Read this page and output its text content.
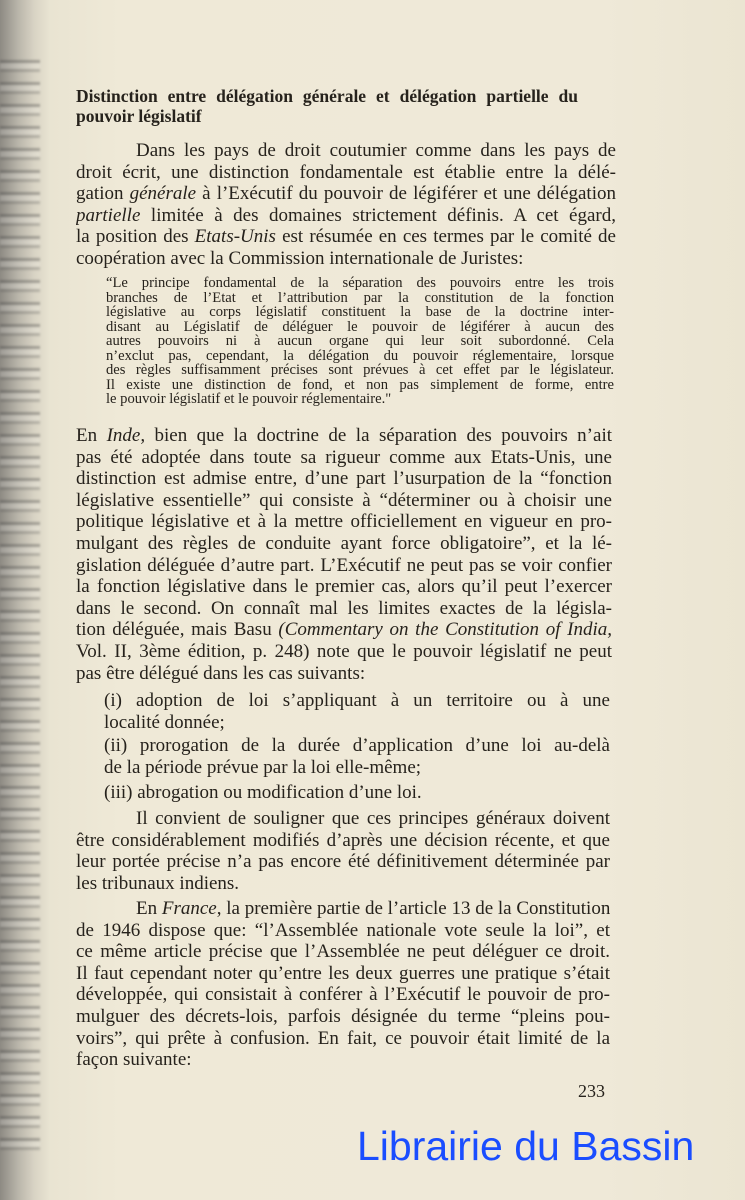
Distinction entre délégation générale et délégation partielle du
pouvoir législatif
Dans les pays de droit coutumier comme dans les pays de
droit écrit, une distinction fondamentale est établie entre la délé-
gation générale à l’Exécutif du pouvoir de légiférer et une délégation
partielle limitée à des domaines strictement définis. A cet égard,
la position des Etats-Unis est résumée en ces termes par le comité de
coopération avec la Commission internationale de Juristes:
“Le principe fondamental de la séparation des pouvoirs entre les trois
branches de l’Etat et l’attribution par la constitution de la fonction
législative au corps législatif constituent la base de la doctrine inter-
disant au Législatif de déléguer le pouvoir de légiférer à aucun des
autres pouvoirs ni à aucun organe qui leur soit subordonné. Cela
n’exclut pas, cependant, la délégation du pouvoir réglementaire, lorsque
des règles suffisamment précises sont prévues à cet effet par le législateur.
Il existe une distinction de fond, et non pas simplement de forme, entre
le pouvoir législatif et le pouvoir réglementaire."
En Inde, bien que la doctrine de la séparation des pouvoirs n’ait
pas été adoptée dans toute sa rigueur comme aux Etats-Unis, une
distinction est admise entre, d’une part l’usurpation de la “fonction
législative essentielle” qui consiste à “déterminer ou à choisir une
politique législative et à la mettre officiellement en vigueur en pro-
mulgant des règles de conduite ayant force obligatoire”, et la lé-
gislation déléguée d’autre part. L’Exécutif ne peut pas se voir confier
la fonction législative dans le premier cas, alors qu’il peut l’exercer
dans le second. On connaît mal les limites exactes de la législa-
tion déléguée, mais Basu (Commentary on the Constitution of India,
Vol. II, 3ème édition, p. 248) note que le pouvoir législatif ne peut
pas être délégué dans les cas suivants:
(i) adoption de loi s’appliquant à un territoire ou à une
localité donnée;
(ii) prorogation de la durée d’application d’une loi au-delà
de la période prévue par la loi elle-même;
(iii) abrogation ou modification d’une loi.
Il convient de souligner que ces principes généraux doivent
être considérablement modifiés d’après une décision récente, et que
leur portée précise n’a pas encore été définitivement déterminée par
les tribunaux indiens.
En France, la première partie de l’article 13 de la Constitution
de 1946 dispose que: “l’Assemblée nationale vote seule la loi”, et
ce même article précise que l’Assemblée ne peut déléguer ce droit.
Il faut cependant noter qu’entre les deux guerres une pratique s’était
développée, qui consistait à conférer à l’Exécutif le pouvoir de pro-
mulguer des décrets-lois, parfois désignée du terme “pleins pou-
voirs”, qui prête à confusion. En fait, ce pouvoir était limité de la
façon suivante:
233
Librairie du Bassin
